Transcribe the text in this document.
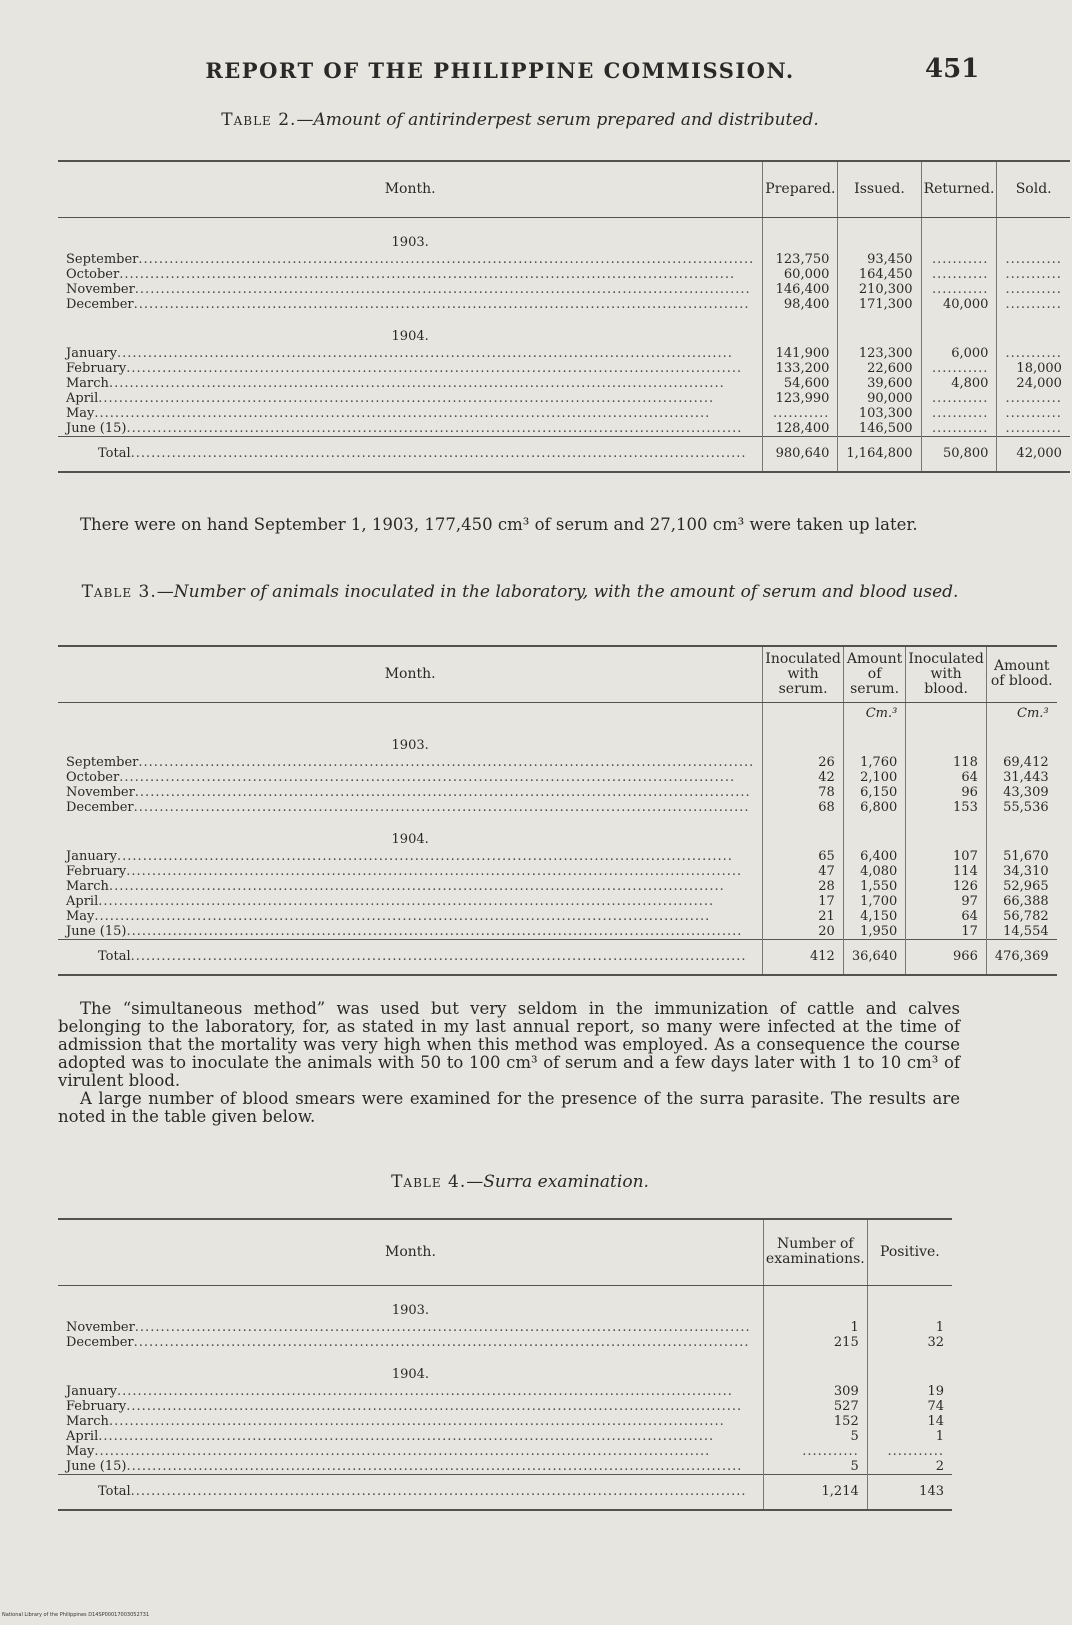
REPORT OF THE PHILIPPINE COMMISSION.	451
Table 2.—Amount of antirinderpest serum prepared and distributed.
Month.	Prepared.	Issued.	Returned.	Sold.
1903.				
September........................................................................................................................	123,750	93,450	...........	...........
October........................................................................................................................	60,000	164,450	...........	...........
November........................................................................................................................	146,400	210,300	...........	...........
December........................................................................................................................	98,400	171,300	40,000	...........
1904.				
January........................................................................................................................	141,900	123,300	6,000	...........
February........................................................................................................................	133,200	22,600	...........	18,000
March........................................................................................................................	54,600	39,600	4,800	24,000
April........................................................................................................................	123,990	90,000	...........	...........
May........................................................................................................................	...........	103,300	...........	...........
June (15)........................................................................................................................	128,400	146,500	...........	...........
Total........................................................................................................................	980,640	1,164,800	50,800	42,000

There were on hand September 1, 1903, 177,450 cm³ of serum and 27,100 cm³ were taken up later.

Table 3.—Number of animals inoculated in the laboratory, with the amount of serum and blood used.
Month.	Inoculated with serum.	Amount of serum.	Inoculated with blood.	Amount of blood.
		Cm.³		Cm.³
1903.				
September........................................................................................................................	26	1,760	118	69,412
October........................................................................................................................	42	2,100	64	31,443
November........................................................................................................................	78	6,150	96	43,309
December........................................................................................................................	68	6,800	153	55,536
1904.				
January........................................................................................................................	65	6,400	107	51,670
February........................................................................................................................	47	4,080	114	34,310
March........................................................................................................................	28	1,550	126	52,965
April........................................................................................................................	17	1,700	97	66,388
May........................................................................................................................	21	4,150	64	56,782
June (15)........................................................................................................................	20	1,950	17	14,554
Total........................................................................................................................	412	36,640	966	476,369

The “simultaneous method” was used but very seldom in the immunization of cattle and calves belonging to the laboratory, for, as stated in my last annual report, so many were infected at the time of admission that the mortality was very high when this method was employed. As a consequence the course adopted was to inoculate the animals with 50 to 100 cm³ of serum and a few days later with 1 to 10 cm³ of virulent blood.

A large number of blood smears were examined for the presence of the surra parasite. The results are noted in the table given below.

Table 4.—Surra examination.
Month.	Number of examinations.	Positive.
1903.		
November........................................................................................................................	1	1
December........................................................................................................................	215	32
1904.		
January........................................................................................................................	309	19
February........................................................................................................................	527	74
March........................................................................................................................	152	14
April........................................................................................................................	5	1
May........................................................................................................................	...........	...........
June (15)........................................................................................................................	5	2
Total........................................................................................................................	1,214	143
National Library of the Philippines D14SP00017003052731
